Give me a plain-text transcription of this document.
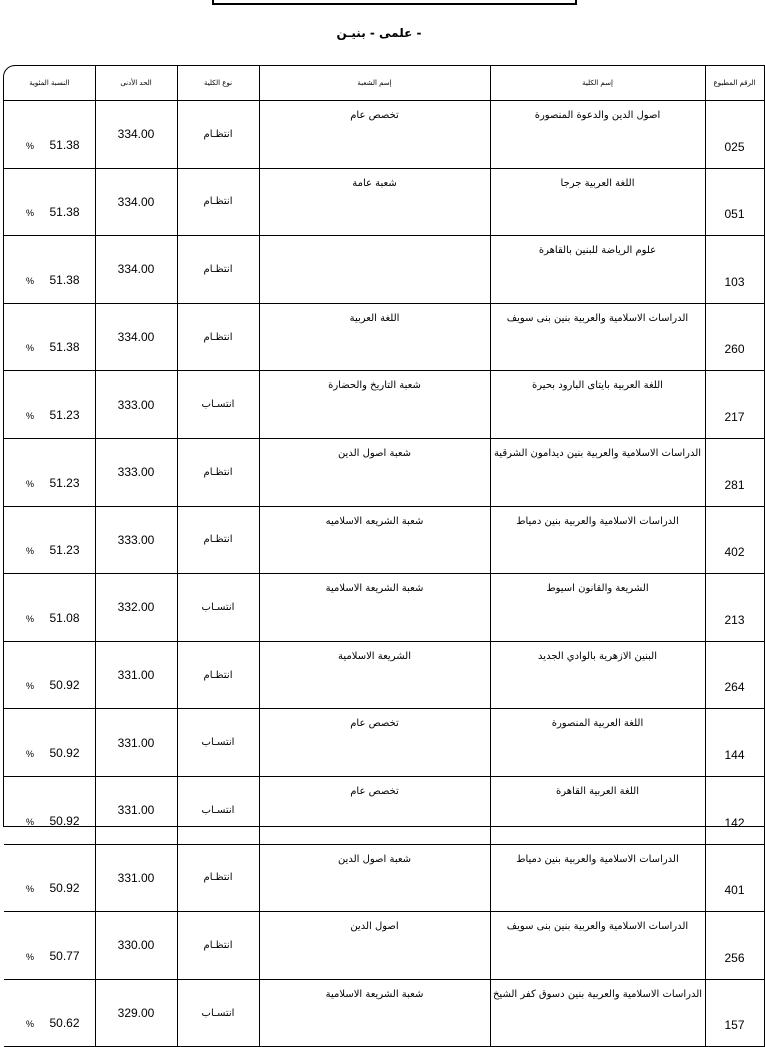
- علمى - بنيـن
النسبة المئوية	الحد الأدنى	نوع الكلية	إسم الشعبة	إسم الكلية	الرقم المطبوع

% 51.38	334.00	انتظـام	تخصص عام	اصول الدين والدعوة المنصورة	025

% 51.38	334.00	انتظـام	شعبة عامة	اللغة العربية جرجا	051

% 51.38	334.00	انتظـام		علوم الرياضة للبنين بالقاهرة	103

% 51.38	334.00	انتظـام	اللغة العربية	الدراسات الاسلامية والعربية بنين بنى سويف	260

% 51.23	333.00	انتسـاب	شعبة التاريخ والحضارة	اللغة العربية بايتاى البارود بحيرة	217

% 51.23	333.00	انتظـام	شعبة اصول الدين	الدراسات الاسلامية والعربية بنين ديدامون الشرقية	281

% 51.23	333.00	انتظـام	شعبة الشريعه الاسلاميه	الدراسات الاسلامية والعربية بنين دمياط	402

% 51.08	332.00	انتسـاب	شعبة الشريعة الاسلامية	الشريعة والقانون اسيوط	213

% 50.92	331.00	انتظـام	الشريعة الاسلامية	البنين الازهرية بالوادي الجديد	264

% 50.92	331.00	انتسـاب	تخصص عام	اللغة العربية المنصورة	144

% 50.92	331.00	انتسـاب	تخصص عام	اللغة العربية القاهرة	142

% 50.92	331.00	انتظـام	شعبة اصول الدين	الدراسات الاسلامية والعربية بنين دمياط	401

% 50.77	330.00	انتظـام	اصول الدين	الدراسات الاسلامية والعربية بنين بنى سويف	256

% 50.62	329.00	انتسـاب	شعبة الشريعة الاسلامية	الدراسات الاسلامية والعربية بنين دسوق كفر الشيخ	157
